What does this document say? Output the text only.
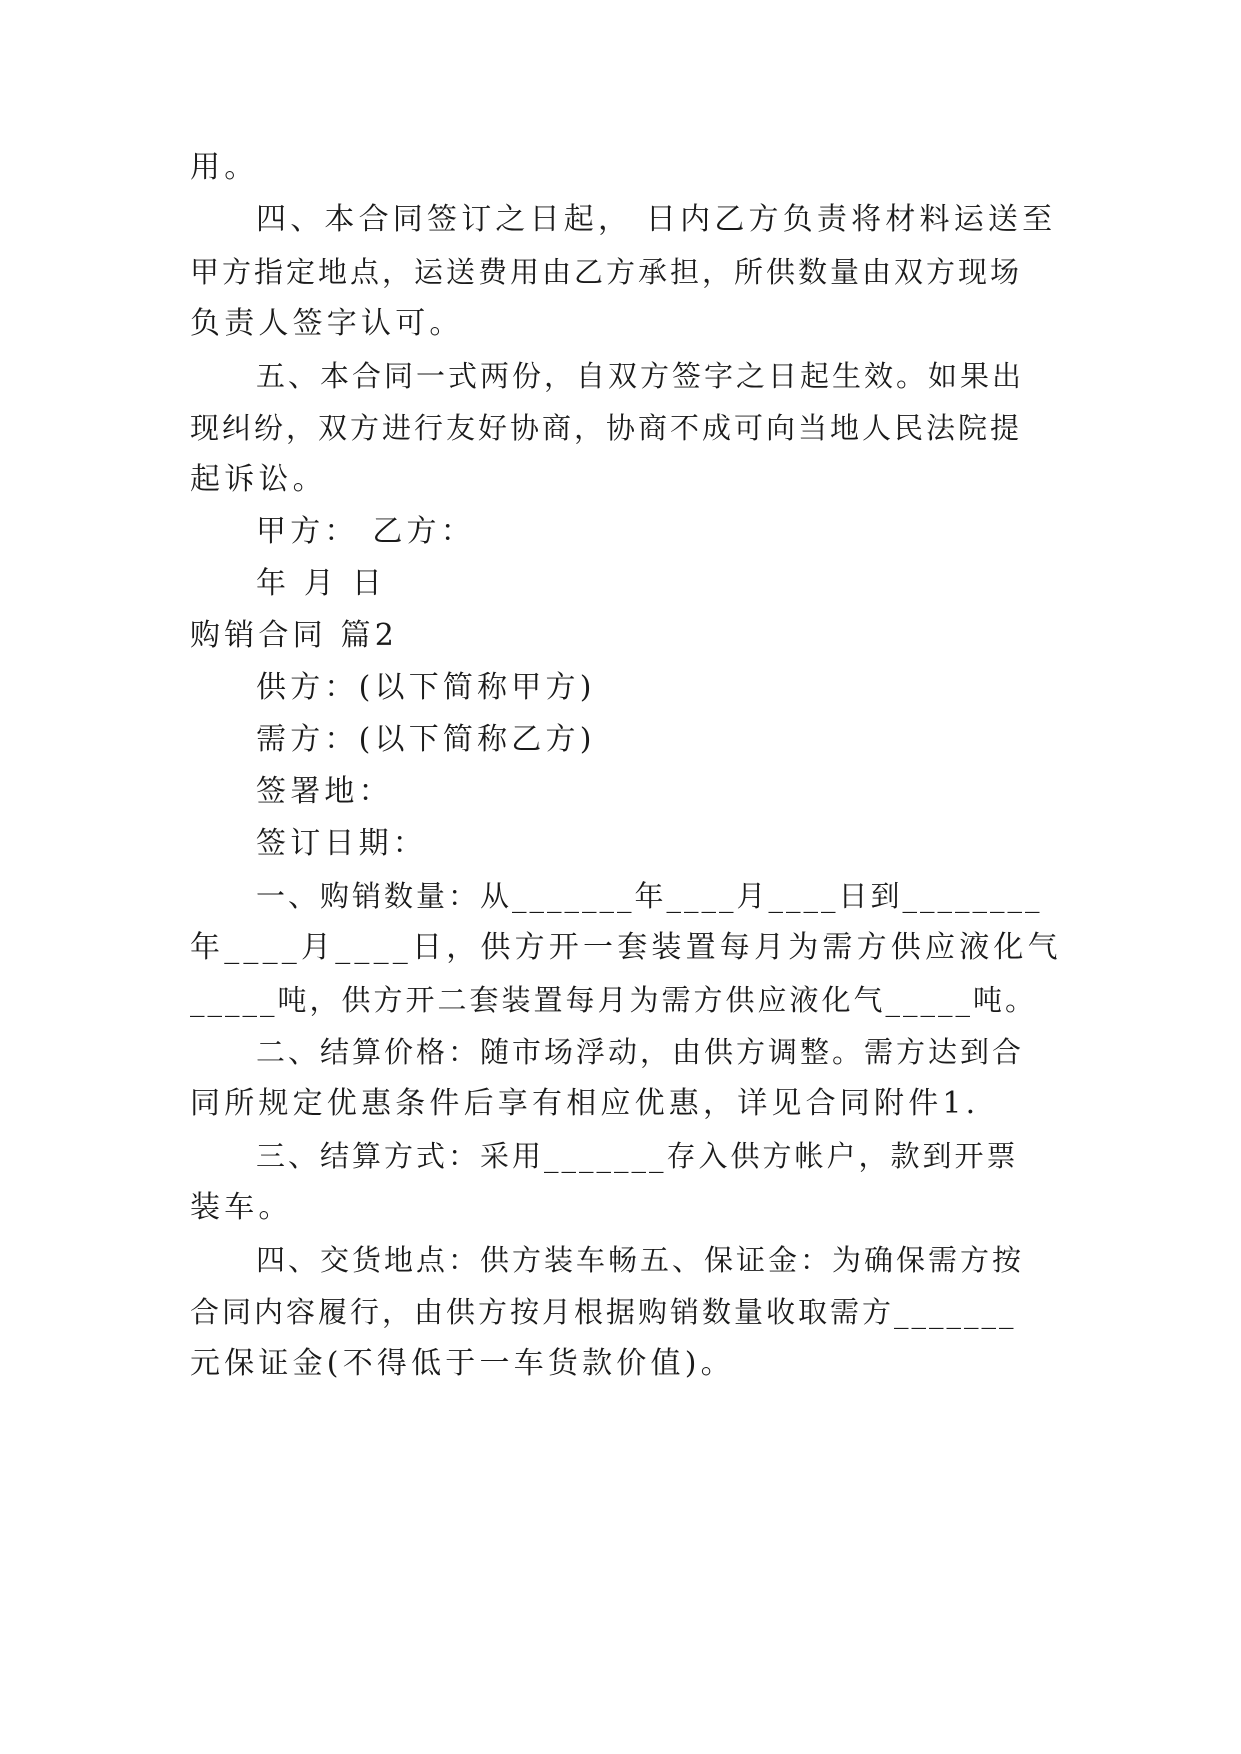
用。
四、本合同签订之日起， 日内乙方负责将材料运送至
甲方指定地点，运送费用由乙方承担，所供数量由双方现场
负责人签字认可。
五、本合同一式两份，自双方签字之日起生效。如果出
现纠纷，双方进行友好协商，协商不成可向当地人民法院提
起诉讼。
甲方： 乙方：
年 月 日
购销合同 篇2
供方：(以下简称甲方)
需方：(以下简称乙方)
签署地：
签订日期：
一、购销数量：从_______年____月____日到________
年____月____日，供方开一套装置每月为需方供应液化气
_____吨，供方开二套装置每月为需方供应液化气_____吨。
二、结算价格：随市场浮动，由供方调整。需方达到合
同所规定优惠条件后享有相应优惠，详见合同附件1.
三、结算方式：采用_______存入供方帐户，款到开票
装车。
四、交货地点：供方装车畅五、保证金：为确保需方按
合同内容履行，由供方按月根据购销数量收取需方_______
元保证金(不得低于一车货款价值)。
